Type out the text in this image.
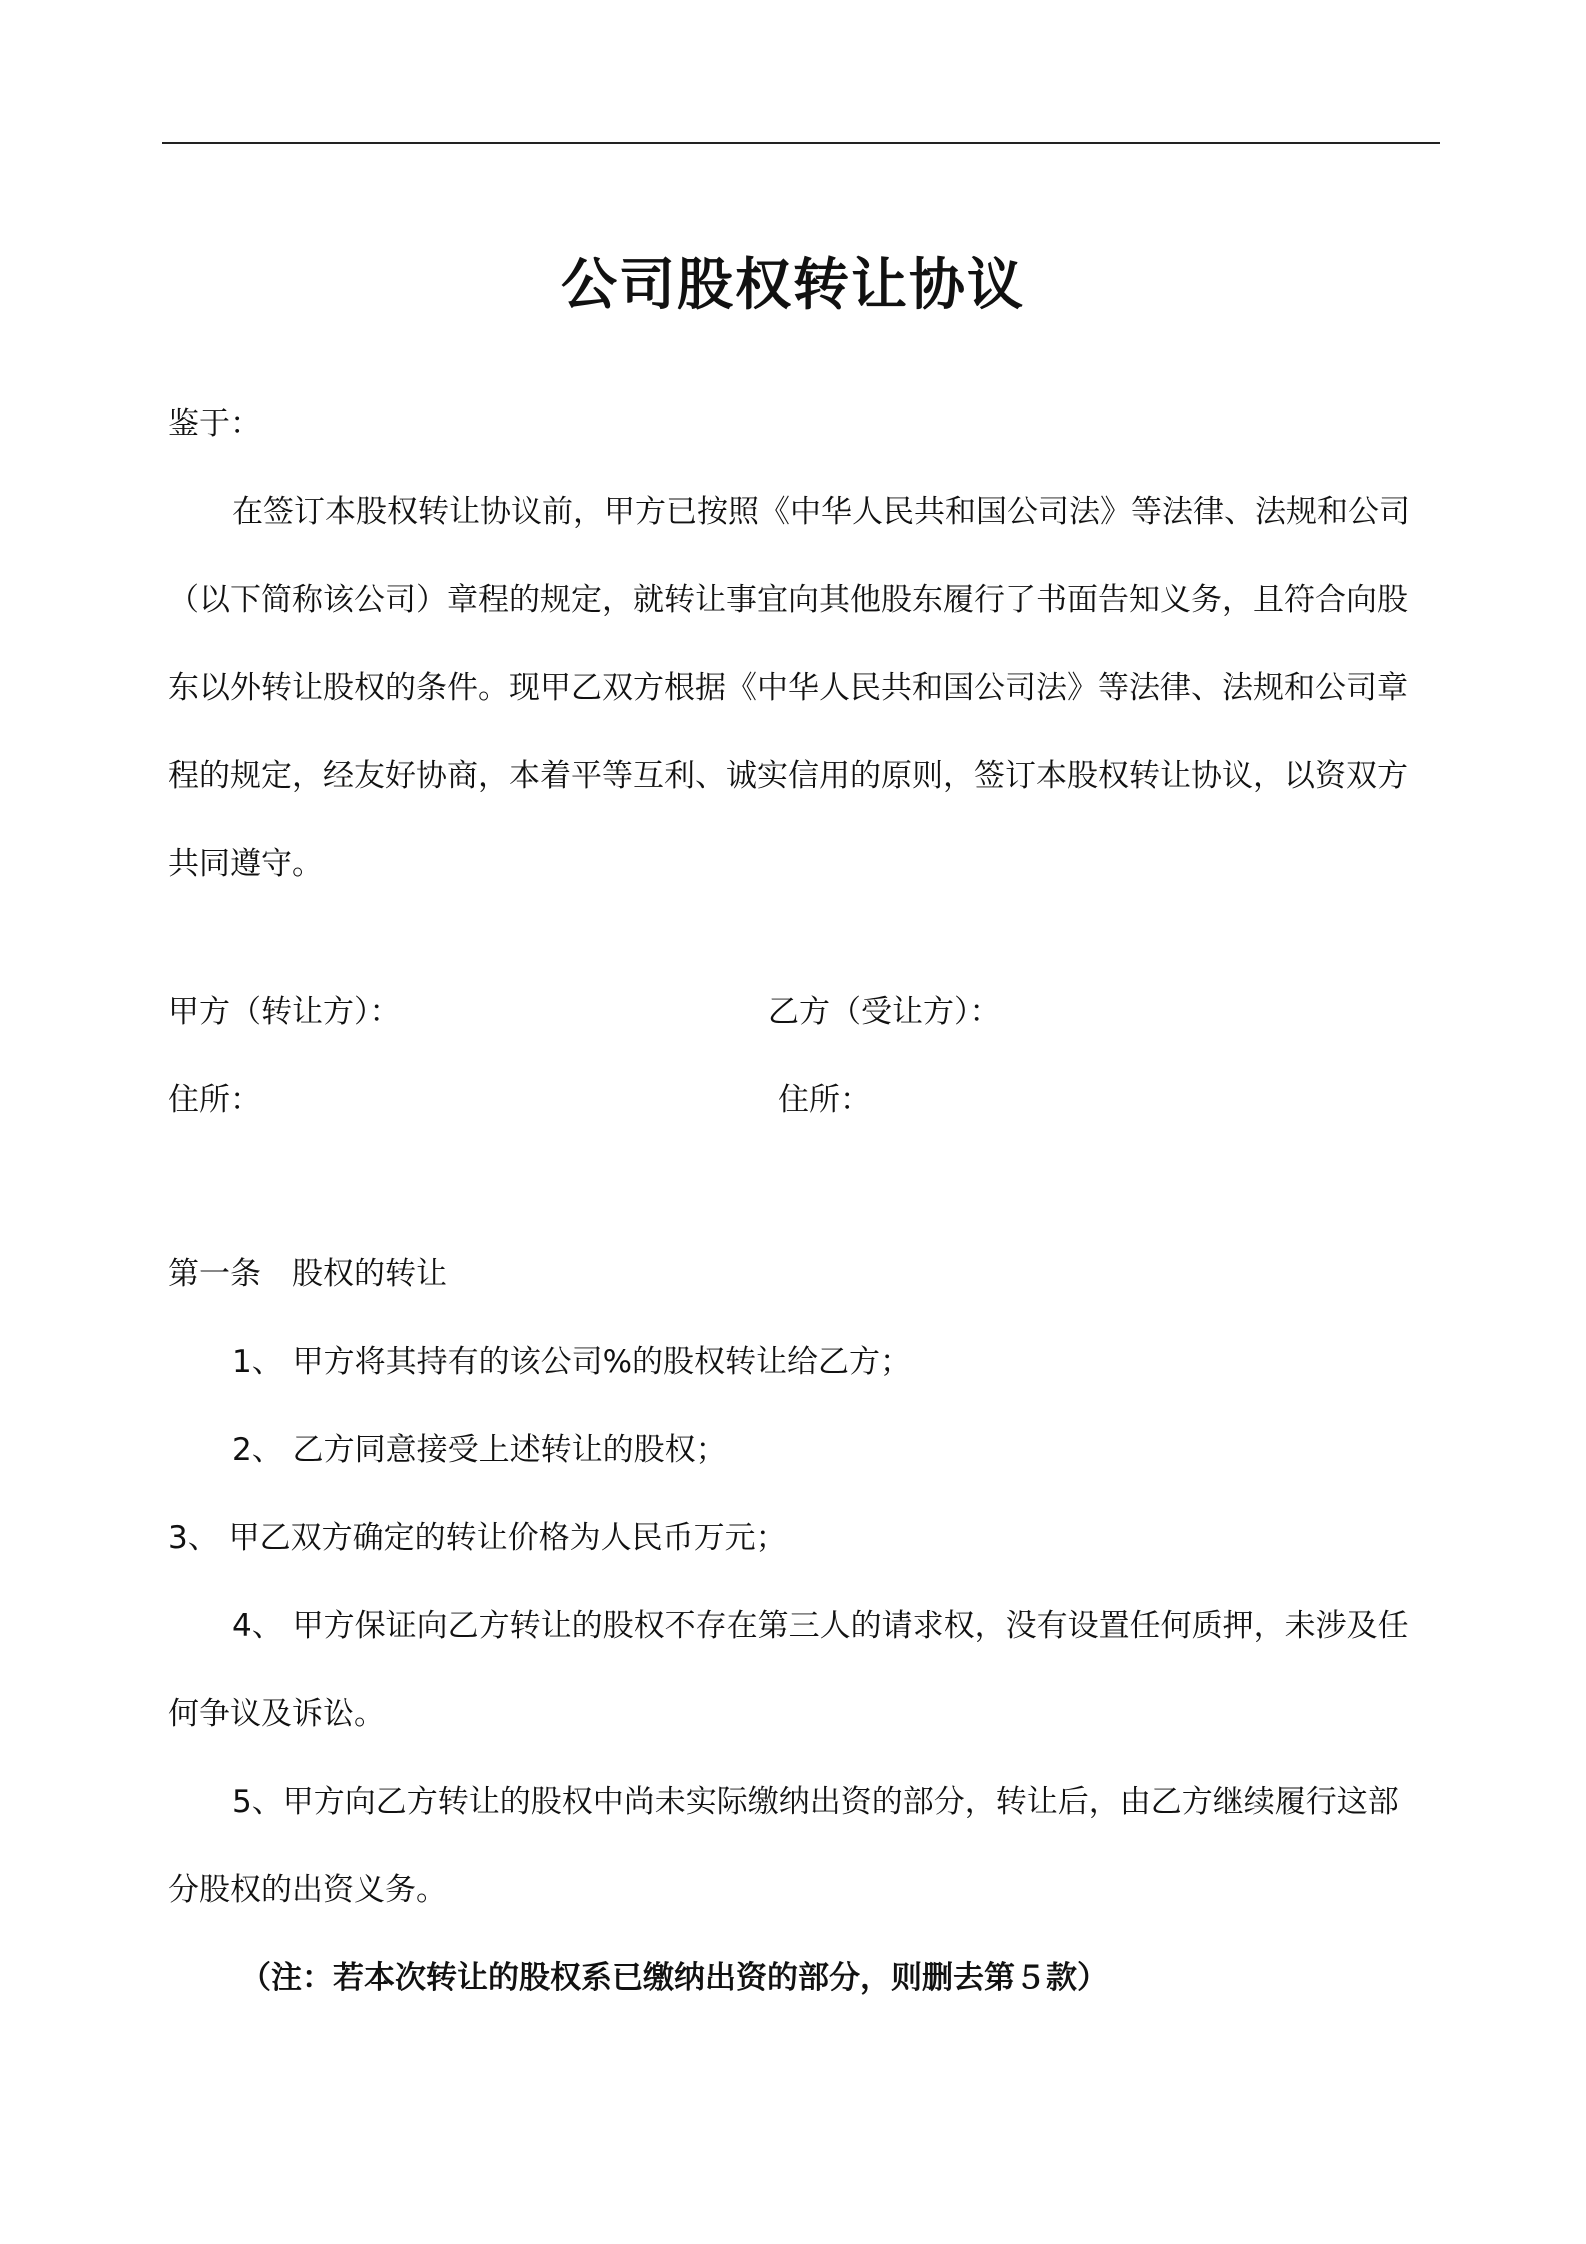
公司股权转让协议
鉴于：
在签订本股权转让协议前，甲方已按照《中华人民共和国公司法》等法律、法规和公司
（以下简称该公司）章程的规定，就转让事宜向其他股东履行了书面告知义务，且符合向股
东以外转让股权的条件。现甲乙双方根据《中华人民共和国公司法》等法律、法规和公司章
程的规定，经友好协商，本着平等互利、诚实信用的原则，签订本股权转让协议，以资双方
共同遵守。
甲方（转让方）：	乙方（受让方）：
住所：	住所：
第一条　股权的转让
1、 甲方将其持有的该公司%的股权转让给乙方；
2、 乙方同意接受上述转让的股权；
3、 甲乙双方确定的转让价格为人民币万元；
4、 甲方保证向乙方转让的股权不存在第三人的请求权，没有设置任何质押，未涉及任
何争议及诉讼。
5、甲方向乙方转让的股权中尚未实际缴纳出资的部分，转让后，由乙方继续履行这部
分股权的出资义务。
（注：若本次转让的股权系已缴纳出资的部分，则删去第５款）
